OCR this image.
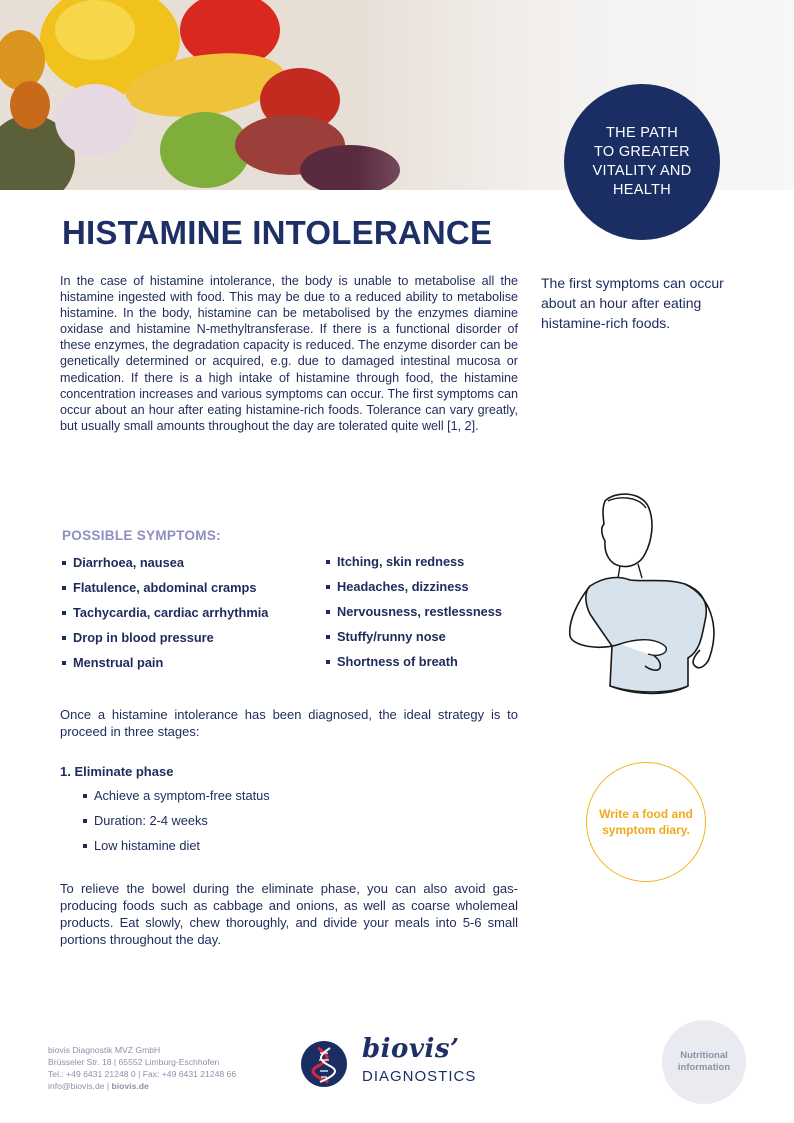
THE PATH
TO GREATER
VITALITY AND
HEALTH
HISTAMINE INTOLERANCE

In the case of histamine intolerance, the body is unable to metabolise all the histamine ingested with food. This may be due to a reduced ability to metabolise histamine. In the body, histamine can be metabolised by the enzymes diamine oxidase and histamine N-methyltransferase. If there is a functional disorder of these enzymes, the degradation capacity is reduced. The enzyme disorder can be genetically determined or acquired, e.g. due to damaged intestinal mucosa or medication. If there is a high intake of histamine through food, the histamine concentration increases and various symptoms can occur. The first symptoms can occur about an hour after eating histamine-rich foods. Tolerance can vary greatly, but usually small amounts throughout the day are tolerated quite well [1, 2].

The first symptoms can occur about an hour after eating histamine-rich foods.

POSSIBLE SYMPTOMS:
Diarrhoea, nausea
Flatulence, abdominal cramps
Tachycardia, cardiac arrhythmia
Drop in blood pressure
Menstrual pain
Itching, skin redness
Headaches, dizziness
Nervousness, restlessness
Stuffy/runny nose
Shortness of breath

Once a histamine intolerance has been diagnosed, the ideal strategy is to proceed in three stages:

1. Eliminate phase
Achieve a symptom-free status
Duration: 2-4 weeks
Low histamine diet

To relieve the bowel during the eliminate phase, you can also avoid gas-producing foods such as cabbage and onions, as well as coarse wholemeal products. Eat slowly, chew thoroughly, and divide your meals into 5-6 small portions throughout the day.

Write a food and symptom diary.
biovis Diagnostik MVZ GmbH
Brüsseler Str. 18 | 65552 Limburg-Eschhofen
Tel.: +49 6431 21248 0 | Fax: +49 6431 21248 66
info@biovis.de | biovis.de
biovis’
DIAGNOSTICS
Nutritional information
